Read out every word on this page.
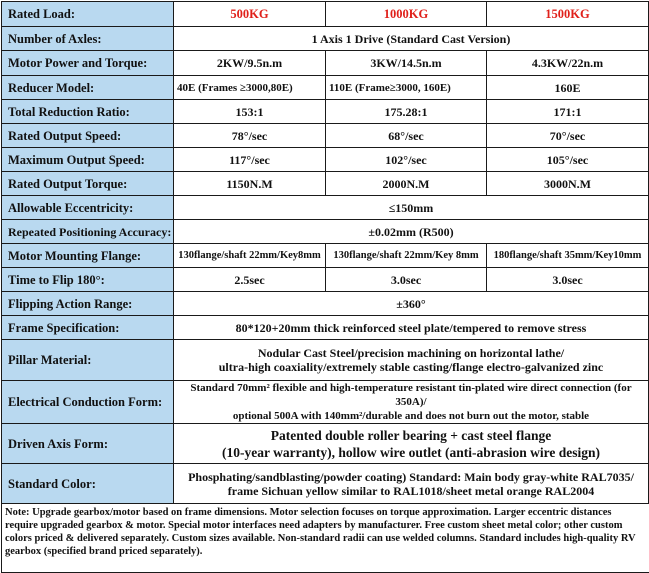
Rated Load:	500KG	1000KG	1500KG
Number of Axles:	1 Axis 1 Drive (Standard Cast Version)		
Motor Power and Torque:	2KW/9.5n.m	3KW/14.5n.m	4.3KW/22n.m
Reducer Model:	40E (Frames ≥3000,80E)	110E (Frame≥3000, 160E)	160E
Total Reduction Ratio:	153:1	175.28:1	171:1
Rated Output Speed:	78°/sec	68°/sec	70°/sec
Maximum Output Speed:	117°/sec	102°/sec	105°/sec
Rated Output Torque:	1150N.M	2000N.M	3000N.M
Allowable Eccentricity:	≤150mm		
Repeated Positioning Accuracy:	±0.02mm (R500)		
Motor Mounting Flange:	130flange/shaft 22mm/Key8mm	130flange/shaft 22mm/Key 8mm	180flange/shaft 35mm/Key10mm
Time to Flip 180°:	2.5sec	3.0sec	3.0sec
Flipping Action Range:	±360°		
Frame Specification:	80*120+20mm thick reinforced steel plate/tempered to remove stress		
Pillar Material:	Nodular Cast Steel/precision machining on horizontal lathe/
ultra-high coaxiality/extremely stable casting/flange electro-galvanized zinc		

Electrical Conduction Form:	Standard 70mm² flexible and high-temperature resistant tin-plated wire direct connection (for 350A)/
optional 500A with 140mm²/durable and does not burn out the motor, stable		

Driven Axis Form:	Patented double roller bearing + cast steel flange
(10-year warranty), hollow wire outlet (anti-abrasion wire design)		

Standard Color:	Phosphating/sandblasting/powder coating) Standard: Main body gray-white RAL7035/
frame Sichuan yellow similar to RAL1018/sheet metal orange RAL2004		
Note: Upgrade gearbox/motor based on frame dimensions. Motor selection focuses on torque approximation. Larger eccentric distances require upgraded gearbox & motor. Special motor interfaces need adapters by manufacturer. Free custom sheet metal color; other custom colors priced & delivered separately. Custom sizes available. Non-standard radii can use welded columns. Standard includes high-quality RV gearbox (specified brand priced separately).
